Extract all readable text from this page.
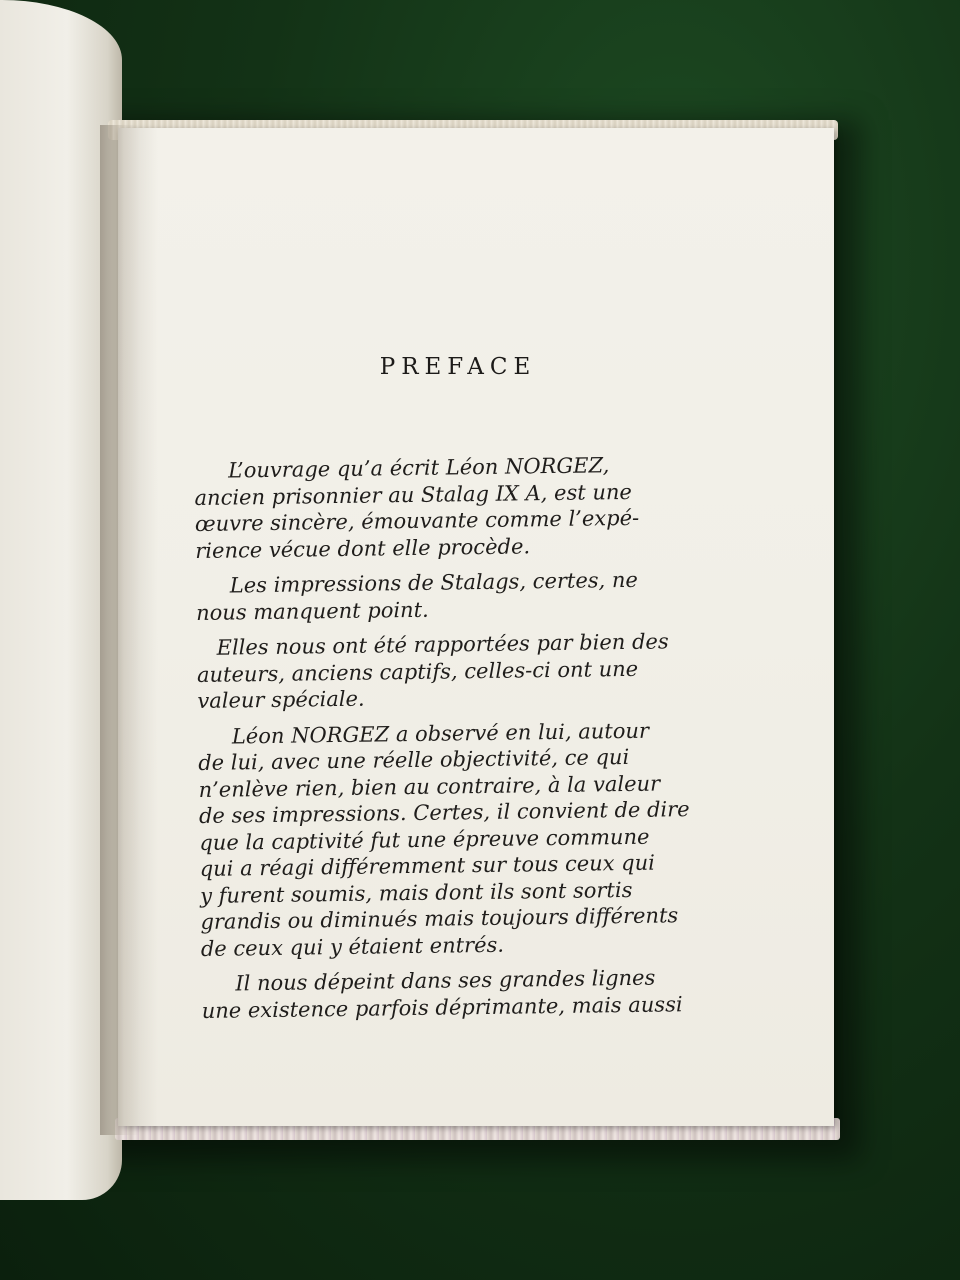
PREFACE
L’ouvrage qu’a écrit Léon NORGEZ,
ancien prisonnier au Stalag IX A, est une
œuvre sincère, émouvante comme l’expé-
rience vécue dont elle procède.
Les impressions de Stalags, certes, ne
nous manquent point.
Elles nous ont été rapportées par bien des
auteurs, anciens captifs, celles-ci ont une
valeur spéciale.
Léon NORGEZ a observé en lui, autour
de lui, avec une réelle objectivité, ce qui
n’enlève rien, bien au contraire, à la valeur
de ses impressions. Certes, il convient de dire
que la captivité fut une épreuve commune
qui a réagi différemment sur tous ceux qui
y furent soumis, mais dont ils sont sortis
grandis ou diminués mais toujours différents
de ceux qui y étaient entrés.
Il nous dépeint dans ses grandes lignes
une existence parfois déprimante, mais aussi
